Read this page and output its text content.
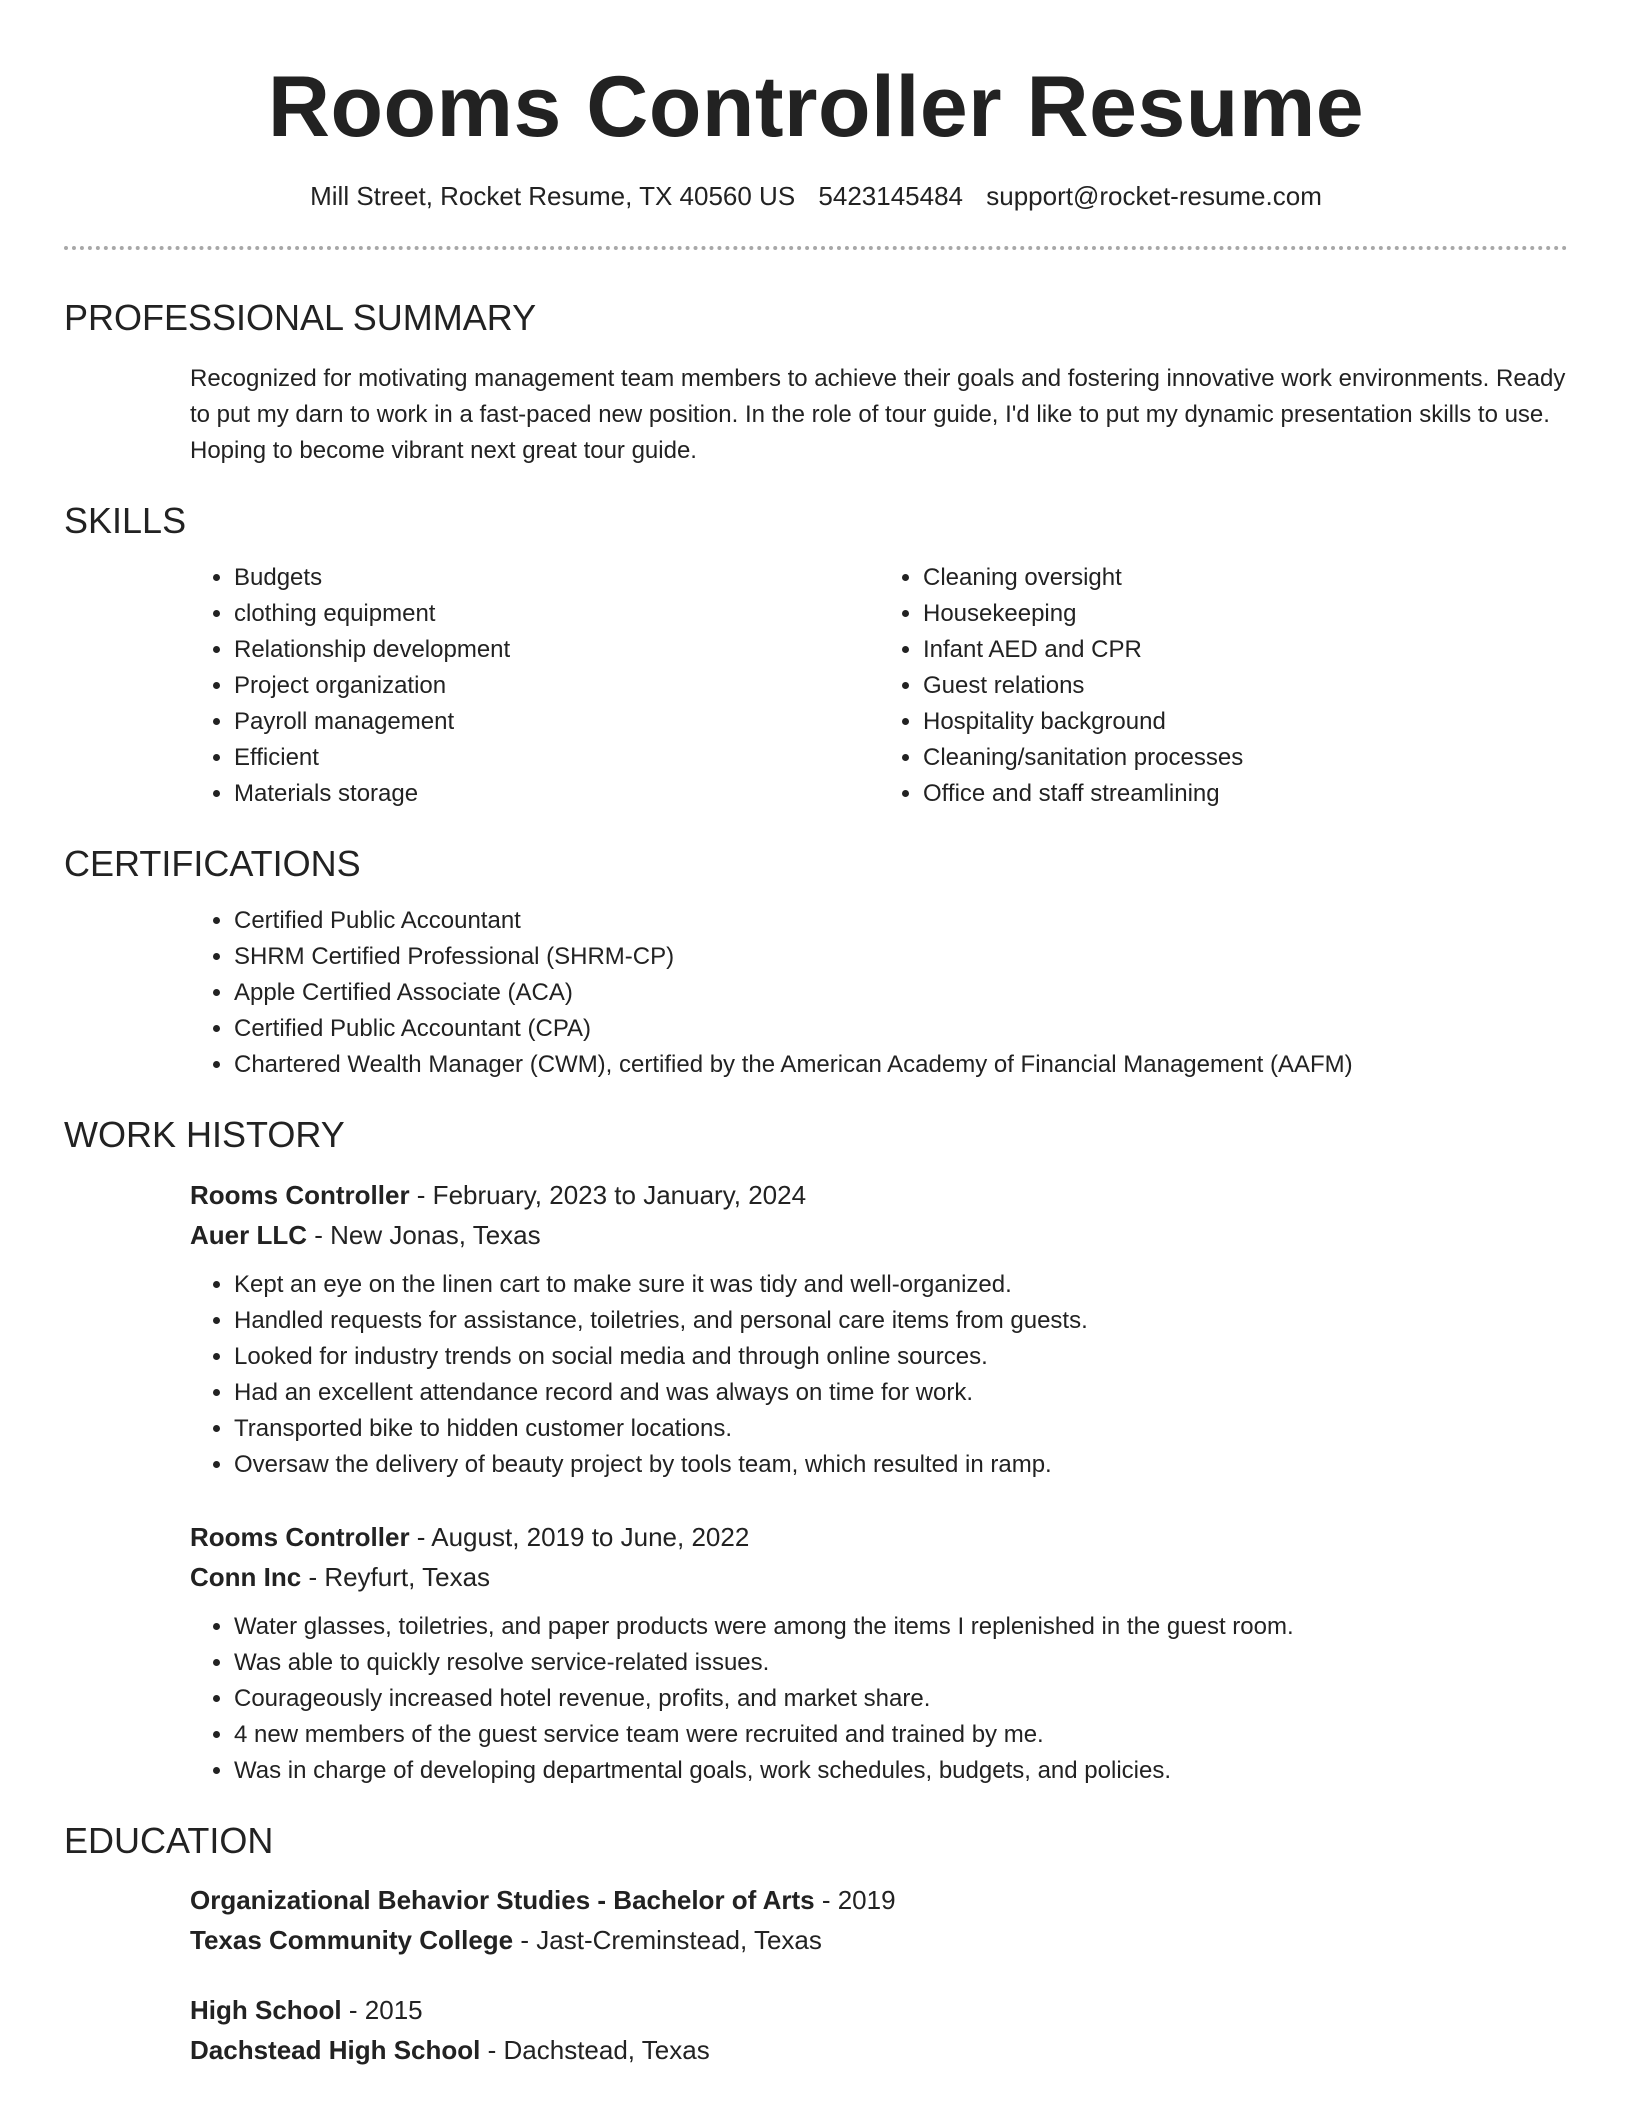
Rooms Controller Resume
Mill Street, Rocket Resume, TX 40560 US 5423145484 support@rocket-resume.com
PROFESSIONAL SUMMARY
Recognized for motivating management team members to achieve their goals and fostering innovative work environments. Ready to put my darn to work in a fast-paced new position. In the role of tour guide, I'd like to put my dynamic presentation skills to use. Hoping to become vibrant next great tour guide.
SKILLS
• Budgets
• clothing equipment
• Relationship development
• Project organization
• Payroll management
• Efficient
• Materials storage
• Cleaning oversight
• Housekeeping
• Infant AED and CPR
• Guest relations
• Hospitality background
• Cleaning/sanitation processes
• Office and staff streamlining
CERTIFICATIONS
• Certified Public Accountant
• SHRM Certified Professional (SHRM-CP)
• Apple Certified Associate (ACA)
• Certified Public Accountant (CPA)
• Chartered Wealth Manager (CWM), certified by the American Academy of Financial Management (AAFM)
WORK HISTORY
Rooms Controller - February, 2023 to January, 2024
Auer LLC - New Jonas, Texas
• Kept an eye on the linen cart to make sure it was tidy and well-organized.
• Handled requests for assistance, toiletries, and personal care items from guests.
• Looked for industry trends on social media and through online sources.
• Had an excellent attendance record and was always on time for work.
• Transported bike to hidden customer locations.
• Oversaw the delivery of beauty project by tools team, which resulted in ramp.
Rooms Controller - August, 2019 to June, 2022
Conn Inc - Reyfurt, Texas
• Water glasses, toiletries, and paper products were among the items I replenished in the guest room.
• Was able to quickly resolve service-related issues.
• Courageously increased hotel revenue, profits, and market share.
• 4 new members of the guest service team were recruited and trained by me.
• Was in charge of developing departmental goals, work schedules, budgets, and policies.
EDUCATION
Organizational Behavior Studies - Bachelor of Arts - 2019
Texas Community College - Jast-Creminstead, Texas
High School - 2015
Dachstead High School - Dachstead, Texas
